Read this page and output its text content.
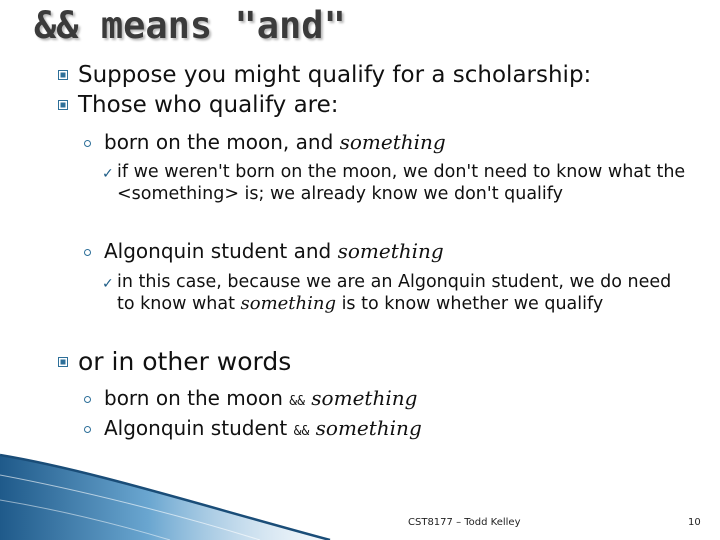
&& means "and"
Suppose you might qualify for a scholarship:
Those who qualify are:
born on the moon, and something
✓ if we weren't born on the moon, we don't need to know what the <something> is; we already know we don't qualify
Algonquin student and something
✓ in this case, because we are an Algonquin student, we do need to know what something is to know whether we qualify
or in other words
born on the moon && something
Algonquin student && something
CST8177 – Todd Kelley	10
